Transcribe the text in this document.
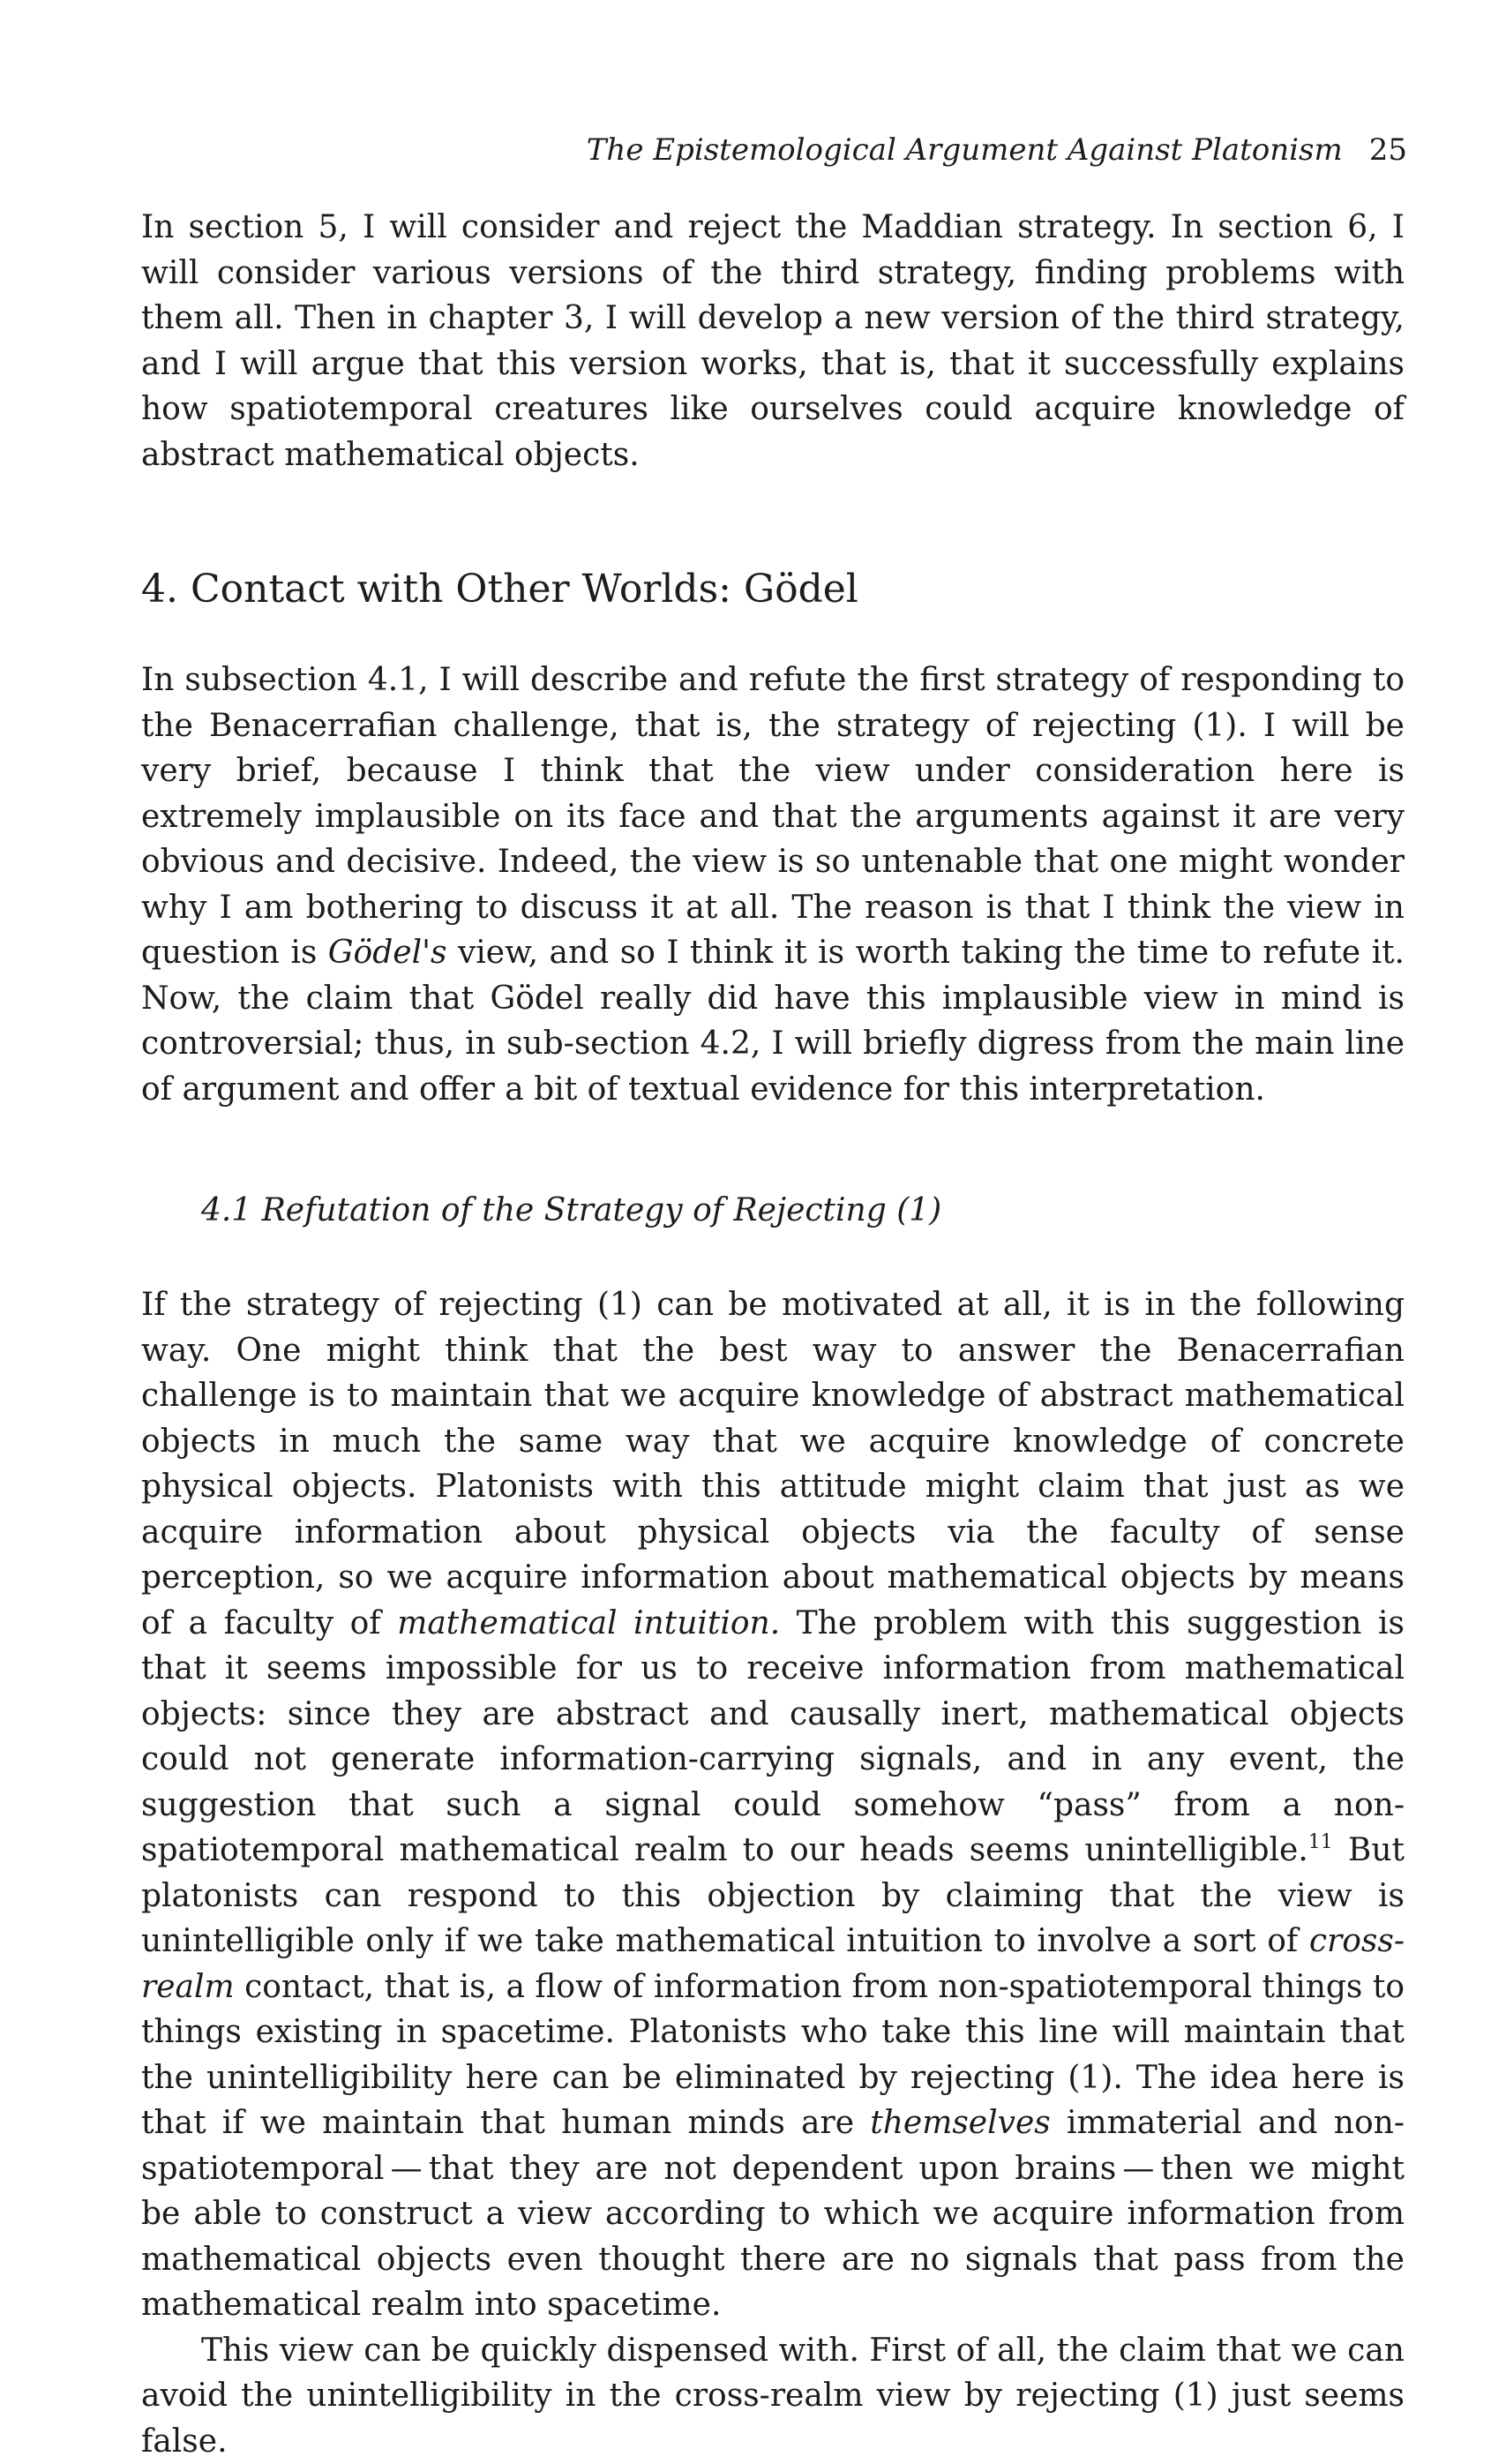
The Epistemological Argument Against Platonism 25

In section 5, I will consider and reject the Maddian strategy. In section 6, I will consider various versions of the third strategy, finding problems with them all. Then in chapter 3, I will develop a new version of the third strategy, and I will argue that this version works, that is, that it successfully explains how spatiotemporal creatures like ourselves could acquire knowledge of abstract mathematical objects.

4. Contact with Other Worlds: Gödel

In subsection 4.1, I will describe and refute the first strategy of responding to the Benacerrafian challenge, that is, the strategy of rejecting (1). I will be very brief, because I think that the view under consideration here is extremely implausible on its face and that the arguments against it are very obvious and decisive. Indeed, the view is so untenable that one might wonder why I am bothering to discuss it at all. The reason is that I think the view in question is Gödel's view, and so I think it is worth taking the time to refute it. Now, the claim that Gödel really did have this implausible view in mind is controversial; thus, in sub-section 4.2, I will briefly digress from the main line of argument and offer a bit of textual evidence for this interpretation.

4.1 Refutation of the Strategy of Rejecting (1)

If the strategy of rejecting (1) can be motivated at all, it is in the following way. One might think that the best way to answer the Benacerrafian challenge is to maintain that we acquire knowledge of abstract mathematical objects in much the same way that we acquire knowledge of concrete physical objects. Platonists with this attitude might claim that just as we acquire information about physical objects via the faculty of sense perception, so we acquire information about mathematical objects by means of a faculty of mathematical intuition. The problem with this suggestion is that it seems impossible for us to receive information from mathematical objects: since they are abstract and causally inert, mathematical objects could not generate information-carrying signals, and in any event, the suggestion that such a signal could somehow “pass” from a non-spatiotemporal mathematical realm to our heads seems unintelligible.$^{11}$ But platonists can respond to this objection by claiming that the view is unintelligible only if we take mathematical intuition to involve a sort of cross-realm contact, that is, a flow of information from non-spatiotemporal things to things existing in spacetime. Platonists who take this line will maintain that the unintelligibility here can be eliminated by rejecting (1). The idea here is that if we maintain that human minds are themselves immaterial and non-spatiotemporal — that they are not dependent upon brains — then we might be able to construct a view according to which we acquire information from mathematical objects even thought there are no signals that pass from the mathematical realm into spacetime.

This view can be quickly dispensed with. First of all, the claim that we can avoid the unintelligibility in the cross-realm view by rejecting (1) just seems false.
